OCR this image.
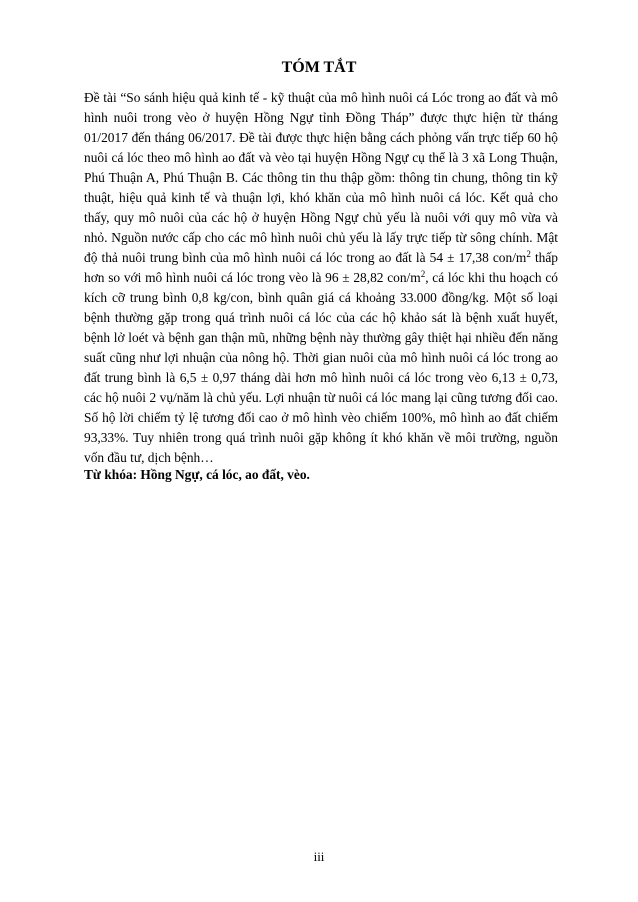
TÓM TẮT

Đề tài “So sánh hiệu quả kinh tế - kỹ thuật của mô hình nuôi cá Lóc trong ao đất và mô hình nuôi trong vèo ở huyện Hồng Ngự tỉnh Đồng Tháp” được thực hiện từ tháng 01/2017 đến tháng 06/2017. Đề tài được thực hiện bằng cách phỏng vấn trực tiếp 60 hộ nuôi cá lóc theo mô hình ao đất và vèo tại huyện Hồng Ngự cụ thể là 3 xã Long Thuận, Phú Thuận A, Phú Thuận B. Các thông tin thu thập gồm: thông tin chung, thông tin kỹ thuật, hiệu quả kinh tế và thuận lợi, khó khăn của mô hình nuôi cá lóc. Kết quả cho thấy, quy mô nuôi của các hộ ở huyện Hồng Ngự chủ yếu là nuôi với quy mô vừa và nhỏ. Nguồn nước cấp cho các mô hình nuôi chủ yếu là lấy trực tiếp từ sông chính. Mật độ thả nuôi trung bình của mô hình nuôi cá lóc trong ao đất là 54 ± 17,38 con/$m^2$ thấp hơn so với mô hình nuôi cá lóc trong vèo là 96 ± 28,82 con/$m^2$, cá lóc khi thu hoạch có kích cỡ trung bình 0,8 kg/con, bình quân giá cá khoảng 33.000 đồng/kg. Một số loại bệnh thường gặp trong quá trình nuôi cá lóc của các hộ khảo sát là bệnh xuất huyết, bệnh lở loét và bệnh gan thận mũ, những bệnh này thường gây thiệt hại nhiều đến năng suất cũng như lợi nhuận của nông hộ. Thời gian nuôi của mô hình nuôi cá lóc trong ao đất trung bình là 6,5 ± 0,97 tháng dài hơn mô hình nuôi cá lóc trong vèo 6,13 ± 0,73, các hộ nuôi 2 vụ/năm là chủ yếu. Lợi nhuận từ nuôi cá lóc mang lại cũng tương đối cao. Số hộ lời chiếm tỷ lệ tương đối cao ở mô hình vèo chiếm 100%, mô hình ao đất chiếm 93,33%. Tuy nhiên trong quá trình nuôi gặp không ít khó khăn về môi trường, nguồn vốn đầu tư, dịch bệnh…

Từ khóa: Hồng Ngự, cá lóc, ao đất, vèo.

iii
